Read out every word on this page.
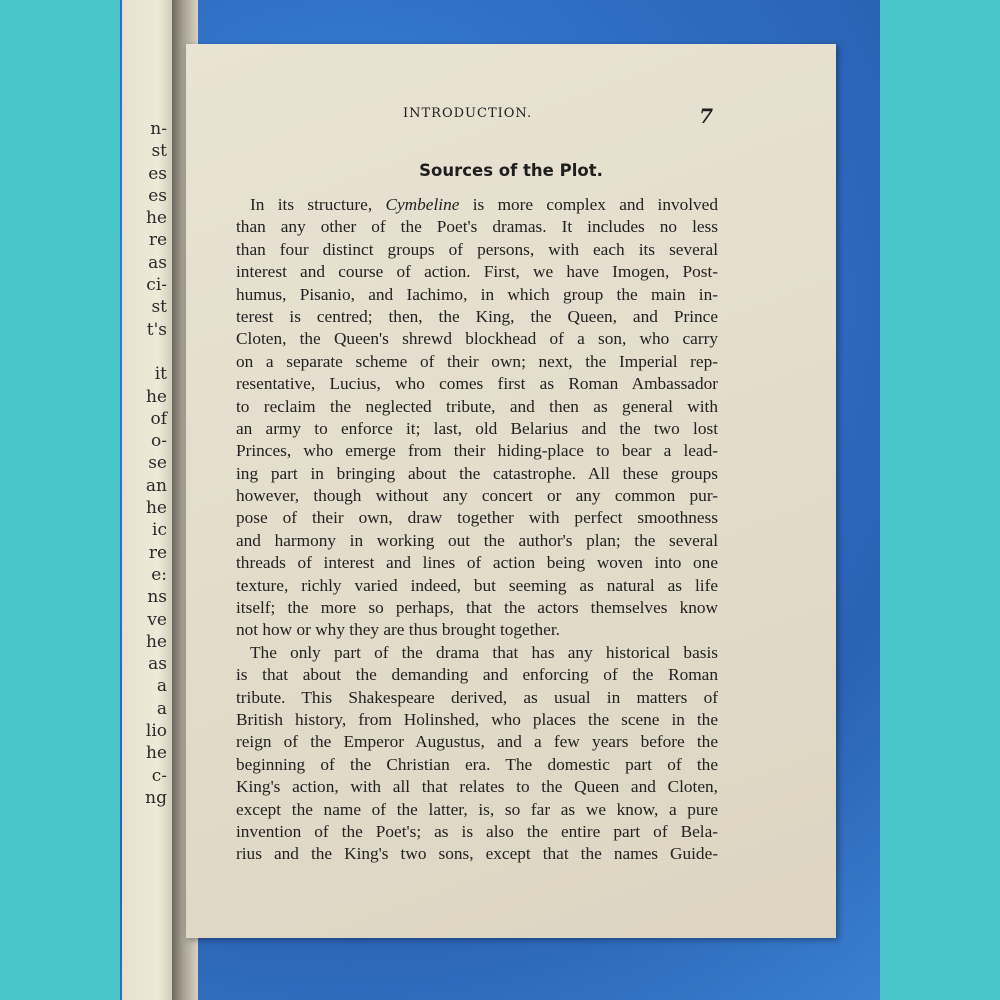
n-
st
es
es
he
re
as
ci-
st
t's
it
he
of
o-
se
an
he
ic
re
e:
ns
ve
he
as
a
a
lio
he
c-
ng
INTRODUCTION.	7
Sources of the Plot.
In its structure, Cymbeline is more complex and involved
than any other of the Poet's dramas. It includes no less
than four distinct groups of persons, with each its several
interest and course of action. First, we have Imogen, Post-
humus, Pisanio, and Iachimo, in which group the main in-
terest is centred; then, the King, the Queen, and Prince
Cloten, the Queen's shrewd blockhead of a son, who carry
on a separate scheme of their own; next, the Imperial rep-
resentative, Lucius, who comes first as Roman Ambassador
to reclaim the neglected tribute, and then as general with
an army to enforce it; last, old Belarius and the two lost
Princes, who emerge from their hiding-place to bear a lead-
ing part in bringing about the catastrophe. All these groups
however, though without any concert or any common pur-
pose of their own, draw together with perfect smoothness
and harmony in working out the author's plan; the several
threads of interest and lines of action being woven into one
texture, richly varied indeed, but seeming as natural as life
itself; the more so perhaps, that the actors themselves know
not how or why they are thus brought together.
The only part of the drama that has any historical basis
is that about the demanding and enforcing of the Roman
tribute. This Shakespeare derived, as usual in matters of
British history, from Holinshed, who places the scene in the
reign of the Emperor Augustus, and a few years before the
beginning of the Christian era. The domestic part of the
King's action, with all that relates to the Queen and Cloten,
except the name of the latter, is, so far as we know, a pure
invention of the Poet's; as is also the entire part of Bela-
rius and the King's two sons, except that the names Guide-
